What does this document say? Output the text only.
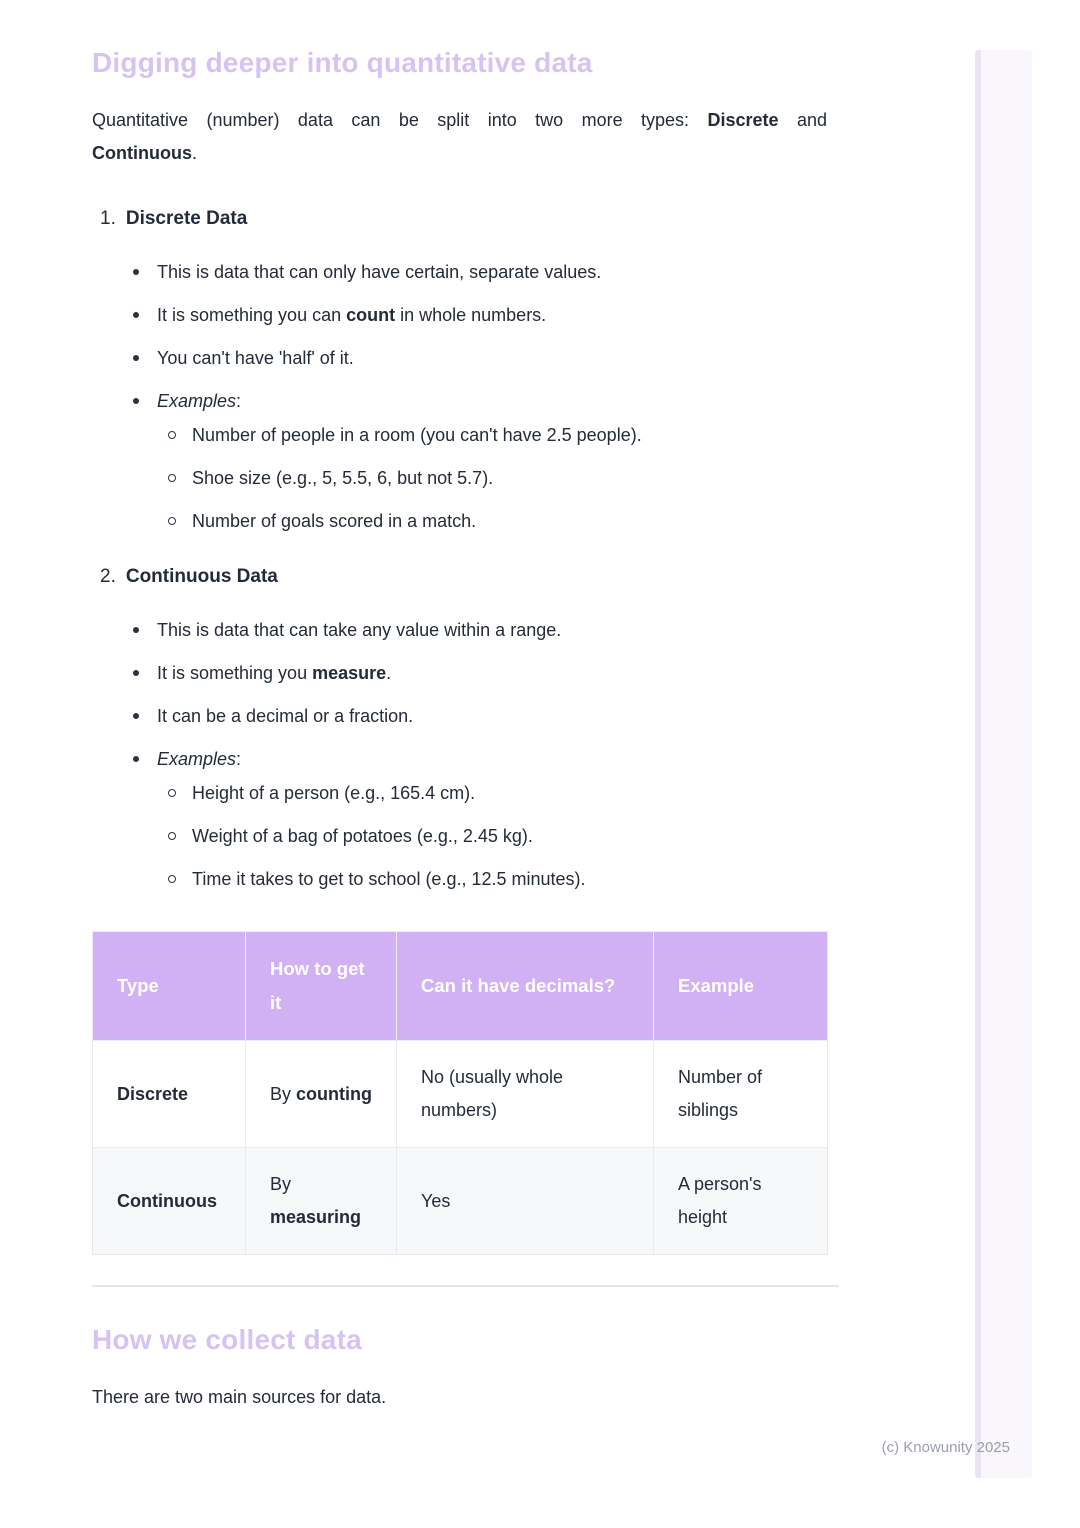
Digging deeper into quantitative data

Quantitative (number) data can be split into two more types: Discrete and
Continuous.

1. Discrete Data
This is data that can only have certain, separate values.
It is something you can count in whole numbers.
You can't have 'half' of it.
Examples:
Number of people in a room (you can't have 2.5 people).
Shoe size (e.g., 5, 5.5, 6, but not 5.7).
Number of goals scored in a match.
2. Continuous Data
This is data that can take any value within a range.
It is something you measure.
It can be a decimal or a fraction.
Examples:
Height of a person (e.g., 165.4 cm).
Weight of a bag of potatoes (e.g., 2.45 kg).
Time it takes to get to school (e.g., 12.5 minutes).
Type	How to get it	Can it have decimals?	Example
Discrete	By counting	No (usually whole numbers)	Number of siblings
Continuous	By measuring	Yes	A person's height
How we collect data

There are two main sources for data.

(c) Knowunity 2025
